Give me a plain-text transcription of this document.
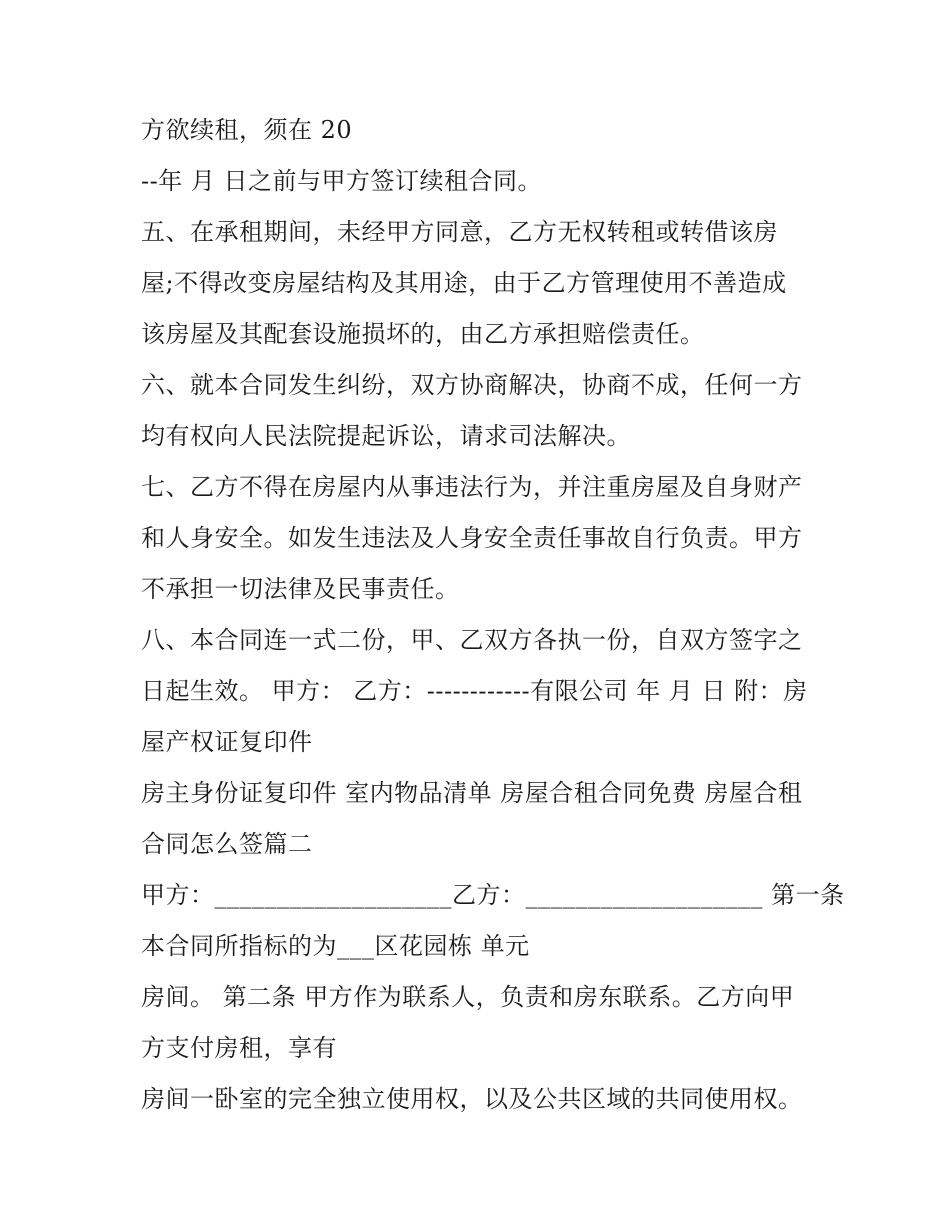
方欲续租，须在 20
--年 月 日之前与甲方签订续租合同。
五、在承租期间，未经甲方同意，乙方无权转租或转借该房
屋;不得改变房屋结构及其用途，由于乙方管理使用不善造成
该房屋及其配套设施损坏的，由乙方承担赔偿责任。
六、就本合同发生纠纷，双方协商解决，协商不成，任何一方
均有权向人民法院提起诉讼，请求司法解决。
七、乙方不得在房屋内从事违法行为，并注重房屋及自身财产
和人身安全。如发生违法及人身安全责任事故自行负责。甲方
不承担一切法律及民事责任。
八、本合同连一式二份，甲、乙双方各执一份，自双方签字之
日起生效。 甲方： 乙方：------------有限公司 年 月 日 附：房
屋产权证复印件
房主身份证复印件 室内物品清单 房屋合租合同免费 房屋合租
合同怎么签篇二
甲方：___________________乙方：___________________ 第一条
本合同所指标的为___区花园栋 单元
房间。 第二条 甲方作为联系人，负责和房东联系。乙方向甲
方支付房租，享有
房间一卧室的完全独立使用权，以及公共区域的共同使用权。
